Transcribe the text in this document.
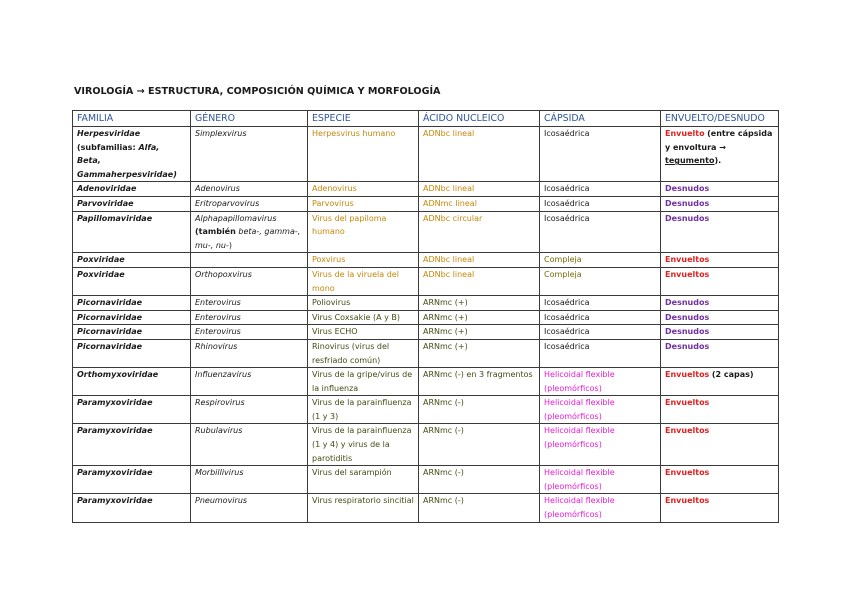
VIROLOGÍA → ESTRUCTURA, COMPOSICIÓN QUÍMICA Y MORFOLOGÍA
FAMILIA	GÉNERO	ESPECIE	ÁCIDO NUCLEICO	CÁPSIDA	ENVUELTO/DESNUDO
Herpesviridae
(subfamilias: Alfa,
Beta,
Gammaherpesviridae)	Simplexvirus	Herpesvirus humano	ADNbc lineal	Icosaédrica	Envuelto (entre cápsida y envoltura → tegumento).
Adenoviridae	Adenovirus	Adenovirus	ADNbc lineal	Icosaédrica	Desnudos
Parvoviridae	Eritroparvovirus	Parvovirus	ADNmc lineal	Icosaédrica	Desnudos
Papillomaviridae	Alphapapillomavirus
(también beta-, gamma-, mu-, nu-)	Virus del papiloma humano	ADNbc circular	Icosaédrica	Desnudos
Poxviridae		Poxvirus	ADNbc lineal	Compleja	Envueltos
Poxviridae	Orthopoxvirus	Virus de la viruela del mono	ADNbc lineal	Compleja	Envueltos
Picornaviridae	Enterovirus	Poliovirus	ARNmc (+)	Icosaédrica	Desnudos
Picornaviridae	Enterovirus	Virus Coxsakie (A y B)	ARNmc (+)	Icosaédrica	Desnudos
Picornaviridae	Enterovirus	Virus ECHO	ARNmc (+)	Icosaédrica	Desnudos
Picornaviridae	Rhinovirus	Rinovirus (virus del resfriado común)	ARNmc (+)	Icosaédrica	Desnudos
Orthomyxoviridae	Influenzavirus	Virus de la gripe/virus de la influenza	ARNmc (-) en 3 fragmentos	Helicoidal flexible (pleomórficos)	Envueltos (2 capas)
Paramyxoviridae	Respirovirus	Virus de la parainfluenza (1 y 3)	ARNmc (-)	Helicoidal flexible (pleomórficos)	Envueltos
Paramyxoviridae	Rubulavirus	Virus de la parainfluenza (1 y 4) y virus de la parotiditis	ARNmc (-)	Helicoidal flexible (pleomórficos)	Envueltos
Paramyxoviridae	Morbillivirus	Virus del sarampión	ARNmc (-)	Helicoidal flexible (pleomórficos)	Envueltos
Paramyxoviridae	Pneumovirus	Virus respiratorio sincitial	ARNmc (-)	Helicoidal flexible (pleomórficos)	Envueltos
